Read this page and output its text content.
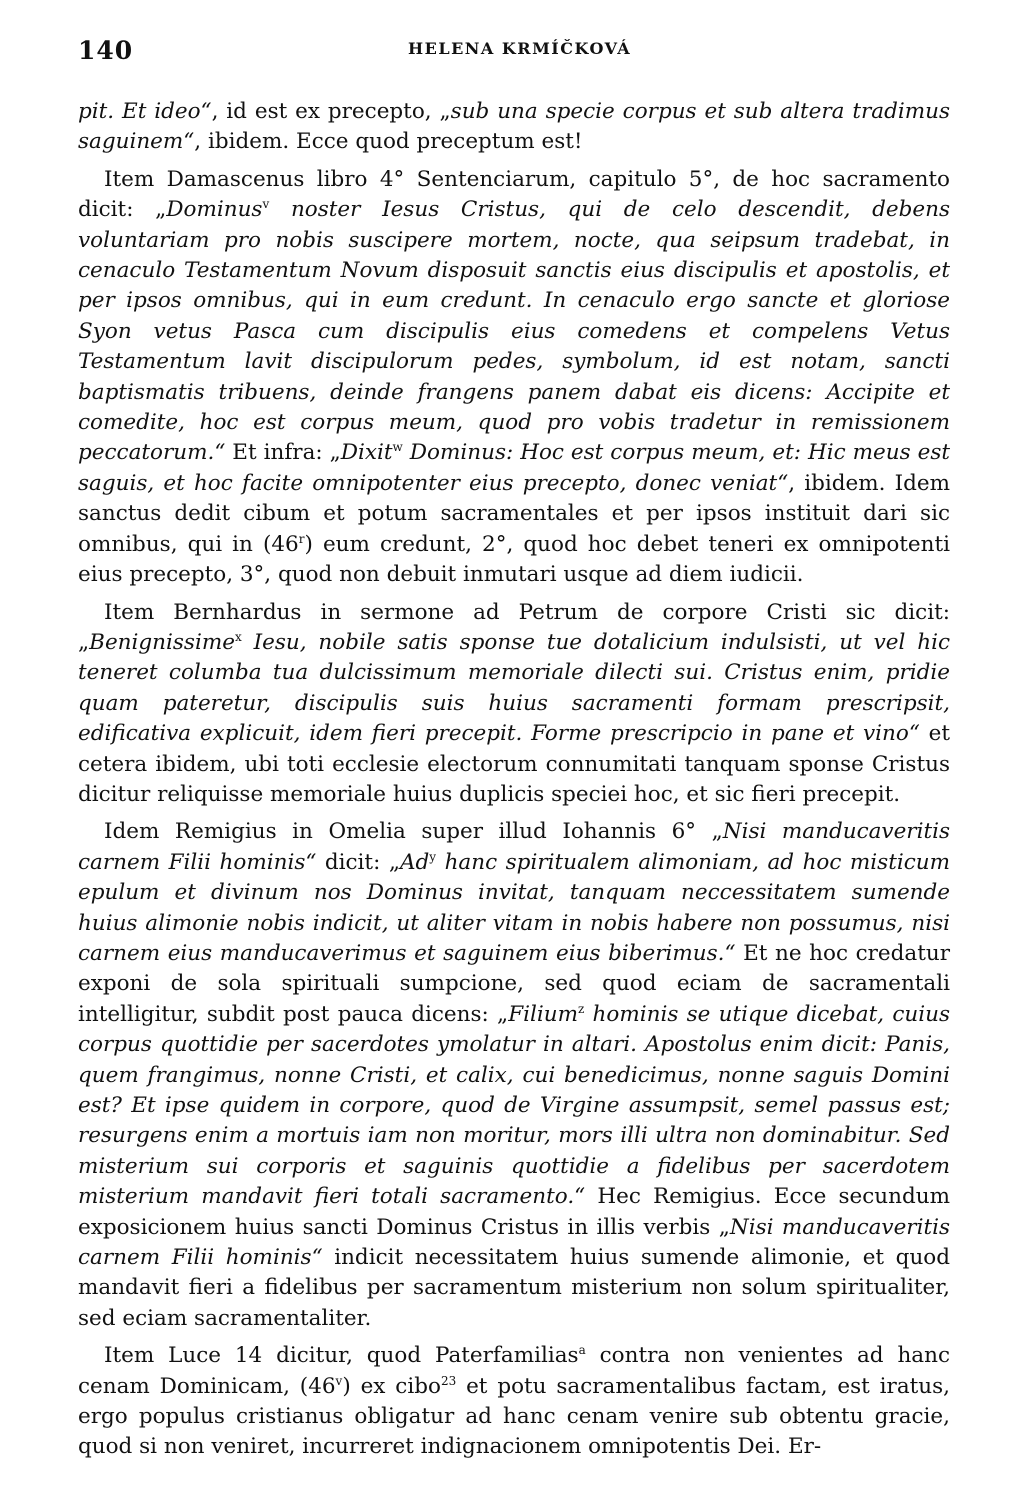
140	HELENA KRMÍČKOVÁ

pit. Et ideo“, id est ex precepto, „sub una specie corpus et sub altera tradimus saguinem“, ibidem. Ecce quod preceptum est!

Item Damascenus libro 4° Sentenciarum, capitulo 5°, de hoc sacramento dicit: „Dominus$^v$ noster Iesus Cristus, qui de celo descendit, debens voluntariam pro nobis suscipere mortem, nocte, qua seipsum tradebat, in cenaculo Testamentum Novum disposuit sanctis eius discipulis et apostolis, et per ipsos omnibus, qui in eum credunt. In cenaculo ergo sancte et gloriose Syon vetus Pasca cum discipulis eius comedens et compelens Vetus Testamentum lavit discipulorum pedes, symbolum, id est notam, sancti baptismatis tribuens, deinde frangens panem dabat eis dicens: Accipite et comedite, hoc est corpus meum, quod pro vobis tradetur in remissionem peccatorum.“ Et infra: „Dixit$^w$ Dominus: Hoc est corpus meum, et: Hic meus est saguis, et hoc facite omnipotenter eius precepto, donec veniat“, ibidem. Idem sanctus dedit cibum et potum sacramentales et per ipsos instituit dari sic omnibus, qui in (46$^r$) eum credunt, 2°, quod hoc debet teneri ex omnipotenti eius precepto, 3°, quod non debuit inmutari usque ad diem iudicii.

Item Bernhardus in sermone ad Petrum de corpore Cristi sic dicit: „Benignissime$^x$ Iesu, nobile satis sponse tue dotalicium indulsisti, ut vel hic teneret columba tua dulcissimum memoriale dilecti sui. Cristus enim, pridie quam pateretur, discipulis suis huius sacramenti formam prescripsit, edificativa explicuit, idem fieri precepit. Forme prescripcio in pane et vino“ et cetera ibidem, ubi toti ecclesie electorum connumitati tanquam sponse Cristus dicitur reliquisse memoriale huius duplicis speciei hoc, et sic fieri precepit.

Idem Remigius in Omelia super illud Iohannis 6° „Nisi manducaveritis carnem Filii hominis“ dicit: „Ad$^y$ hanc spiritualem alimoniam, ad hoc misticum epulum et divinum nos Dominus invitat, tanquam neccessitatem sumende huius alimonie nobis indicit, ut aliter vitam in nobis habere non possumus, nisi carnem eius manducaverimus et saguinem eius biberimus.“ Et ne hoc credatur exponi de sola spirituali sumpcione, sed quod eciam de sacramentali intelligitur, subdit post pauca dicens: „Filium$^z$ hominis se utique dicebat, cuius corpus quottidie per sacerdotes ymolatur in altari. Apostolus enim dicit: Panis, quem frangimus, nonne Cristi, et calix, cui benedicimus, nonne saguis Domini est? Et ipse quidem in corpore, quod de Virgine assumpsit, semel passus est; resurgens enim a mortuis iam non moritur, mors illi ultra non dominabitur. Sed misterium sui corporis et saguinis quottidie a fidelibus per sacerdotem misterium mandavit fieri totali sacramento.“ Hec Remigius. Ecce secundum exposicionem huius sancti Dominus Cristus in illis verbis „Nisi manducaveritis carnem Filii hominis“ indicit necessitatem huius sumende alimonie, et quod mandavit fieri a fidelibus per sacramentum misterium non solum spiritualiter, sed eciam sacramentaliter.

Item Luce 14 dicitur, quod Paterfamilias$^a$ contra non venientes ad hanc cenam Dominicam, (46$^v$) ex cibo$^{23}$ et potu sacramentalibus factam, est iratus, ergo populus cristianus obligatur ad hanc cenam venire sub obtentu gracie, quod si non veniret, incurreret indignacionem omnipotentis Dei. Er-
